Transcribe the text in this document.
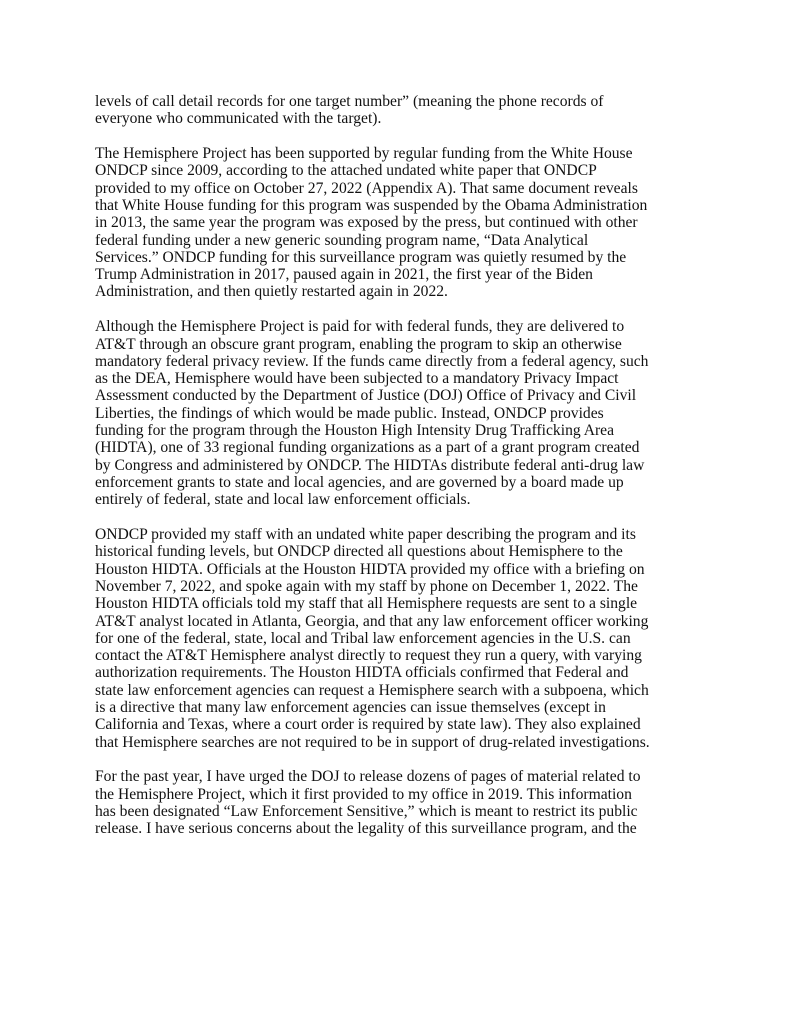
levels of call detail records for one target number” (meaning the phone records of
everyone who communicated with the target).

The Hemisphere Project has been supported by regular funding from the White House
ONDCP since 2009, according to the attached undated white paper that ONDCP
provided to my office on October 27, 2022 (Appendix A). That same document reveals
that White House funding for this program was suspended by the Obama Administration
in 2013, the same year the program was exposed by the press, but continued with other
federal funding under a new generic sounding program name, “Data Analytical
Services.” ONDCP funding for this surveillance program was quietly resumed by the
Trump Administration in 2017, paused again in 2021, the first year of the Biden
Administration, and then quietly restarted again in 2022.

Although the Hemisphere Project is paid for with federal funds, they are delivered to
AT&T through an obscure grant program, enabling the program to skip an otherwise
mandatory federal privacy review. If the funds came directly from a federal agency, such
as the DEA, Hemisphere would have been subjected to a mandatory Privacy Impact
Assessment conducted by the Department of Justice (DOJ) Office of Privacy and Civil
Liberties, the findings of which would be made public. Instead, ONDCP provides
funding for the program through the Houston High Intensity Drug Trafficking Area
(HIDTA), one of 33 regional funding organizations as a part of a grant program created
by Congress and administered by ONDCP. The HIDTAs distribute federal anti-drug law
enforcement grants to state and local agencies, and are governed by a board made up
entirely of federal, state and local law enforcement officials.

ONDCP provided my staff with an undated white paper describing the program and its
historical funding levels, but ONDCP directed all questions about Hemisphere to the
Houston HIDTA. Officials at the Houston HIDTA provided my office with a briefing on
November 7, 2022, and spoke again with my staff by phone on December 1, 2022. The
Houston HIDTA officials told my staff that all Hemisphere requests are sent to a single
AT&T analyst located in Atlanta, Georgia, and that any law enforcement officer working
for one of the federal, state, local and Tribal law enforcement agencies in the U.S. can
contact the AT&T Hemisphere analyst directly to request they run a query, with varying
authorization requirements. The Houston HIDTA officials confirmed that Federal and
state law enforcement agencies can request a Hemisphere search with a subpoena, which
is a directive that many law enforcement agencies can issue themselves (except in
California and Texas, where a court order is required by state law). They also explained
that Hemisphere searches are not required to be in support of drug-related investigations.

For the past year, I have urged the DOJ to release dozens of pages of material related to
the Hemisphere Project, which it first provided to my office in 2019. This information
has been designated “Law Enforcement Sensitive,” which is meant to restrict its public
release. I have serious concerns about the legality of this surveillance program, and the
